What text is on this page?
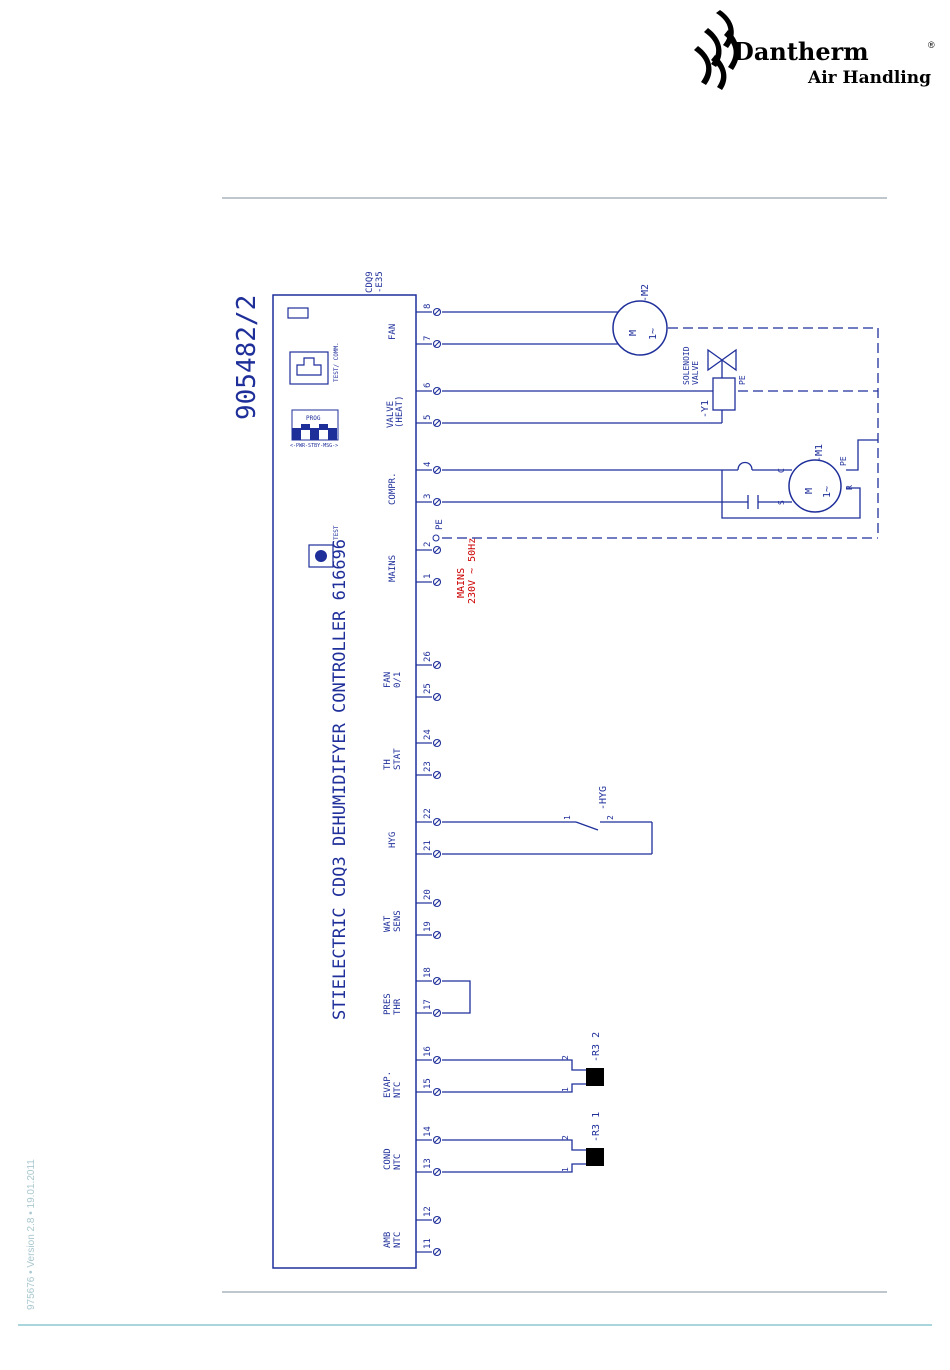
Dantherm	®
Air Handling
975676 • Version 2.8 • 19.01.2011
905482/2
CDQ9 -E35
STIELECTRIC CDQ3 DEHUMIDIFYER CONTROLLER 616696
TEST/ COMM.
PROG
<-PWR-STBY-MSG->
TEST
FAN
VALVE (HEAT)
COMPR.
MAINS
FAN 0/1
TH STAT
HYG
WAT SENS
PRES THR
EVAP. NTC
COND NTC
AMB NTC
8
7
6
5
4
3
2
1
26
25
24
23
22
21
20
19
18
17
16
15
14
13
12
11
M 1~
-M2
SOLENOID VALVE
-Y1
PE
M 1~
-M1
C
S
R
PE
MAINS 230V ~ 50Hz
PE
1	2
-HYG
2
1
-R3 2
2
1
-R3 1
